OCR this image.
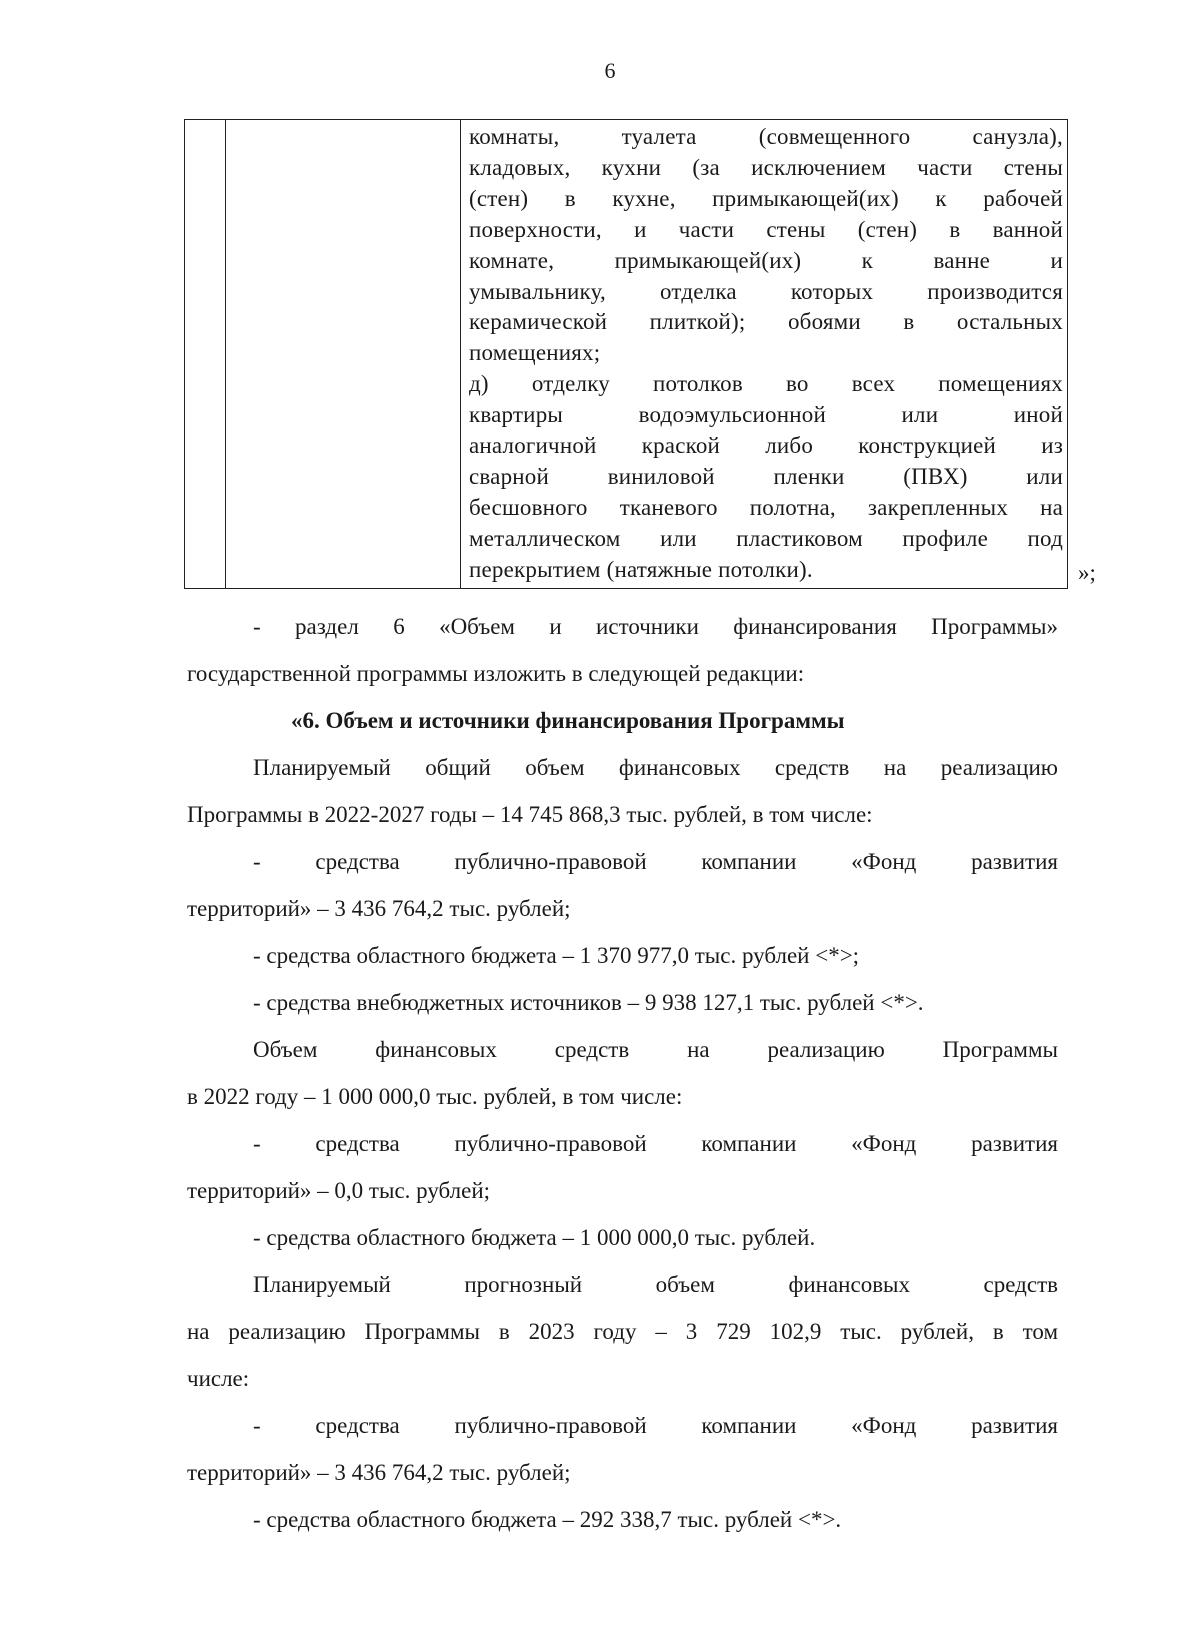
6

комнаты, туалета (совмещенного санузла),
кладовых, кухни (за исключением части стены
(стен) в кухне, примыкающей(их) к рабочей
поверхности, и части стены (стен) в ванной
комнате, примыкающей(их) к ванне и
умывальнику, отделка которых производится
керамической плиткой); обоями в остальных
помещениях;
д) отделку потолков во всех помещениях
квартиры водоэмульсионной или иной
аналогичной краской либо конструкцией из
сварной виниловой пленки (ПВХ) или
бесшовного тканевого полотна, закрепленных на
металлическом или пластиковом профиле под
перекрытием (натяжные потолки).	»;
- раздел 6 «Объем и источники финансирования Программы»
государственной программы изложить в следующей редакции:
«6. Объем и источники финансирования Программы
Планируемый общий объем финансовых средств на реализацию
Программы в 2022-2027 годы – 14 745 868,3 тыс. рублей, в том числе:
- средства публично-правовой компании «Фонд развития
территорий» – 3 436 764,2 тыс. рублей;
- средства областного бюджета – 1 370 977,0 тыс. рублей <*>;
- средства внебюджетных источников – 9 938 127,1 тыс. рублей <*>.
Объем финансовых средств на реализацию Программы
в 2022 году – 1 000 000,0 тыс. рублей, в том числе:
- средства публично-правовой компании «Фонд развития
территорий» – 0,0 тыс. рублей;
- средства областного бюджета – 1 000 000,0 тыс. рублей.
Планируемый прогнозный объем финансовых средств
на реализацию Программы в 2023 году – 3 729 102,9 тыс. рублей, в том
числе:
- средства публично-правовой компании «Фонд развития
территорий» – 3 436 764,2 тыс. рублей;
- средства областного бюджета – 292 338,7 тыс. рублей <*>.
